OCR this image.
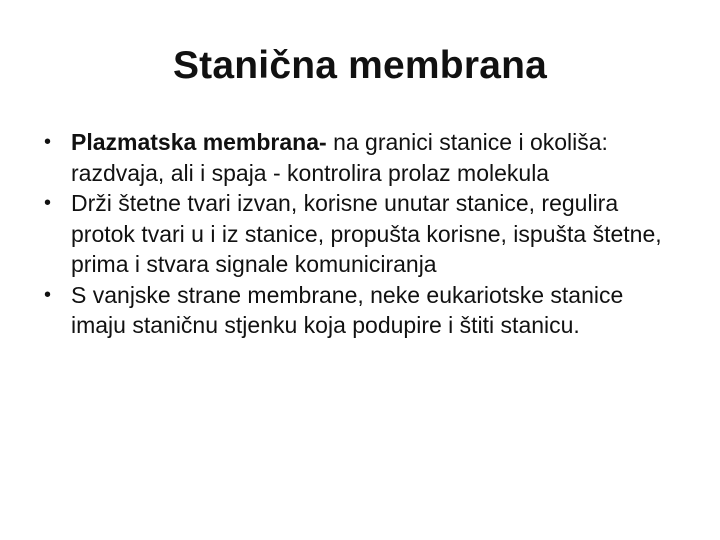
Stanična membrana
• Plazmatska membrana- na granici stanice i okoliša: razdvaja, ali i spaja - kontrolira prolaz molekula
• Drži štetne tvari izvan, korisne unutar stanice, regulira protok tvari u i iz stanice, propušta korisne, ispušta štetne, prima i stvara signale komuniciranja
• S vanjske strane membrane, neke eukariotske stanice imaju staničnu stjenku koja podupire i štiti stanicu.
